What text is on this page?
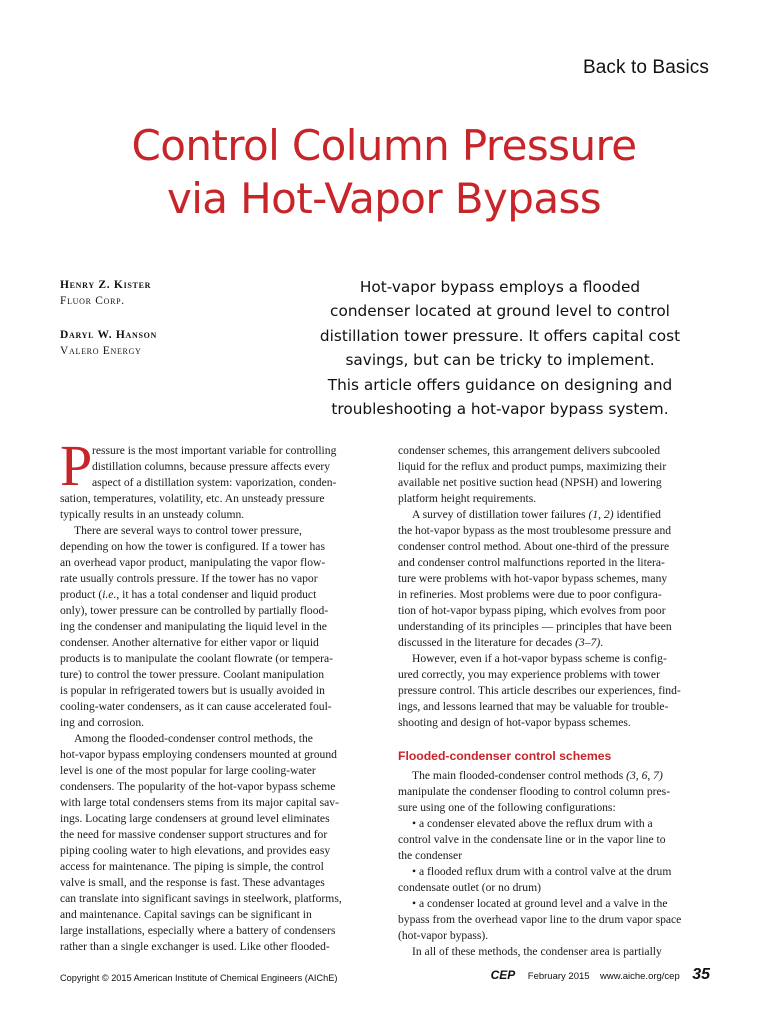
Back to Basics
Control Column Pressure
via Hot-Vapor Bypass
Henry Z. Kister
Fluor Corp.
Daryl W. Hanson
Valero Energy
Hot-vapor bypass employs a flooded
condenser located at ground level to control
distillation tower pressure. It offers capital cost
savings, but can be tricky to implement.
This article offers guidance on designing and
troubleshooting a hot-vapor bypass system.
P ressure is the most important variable for controlling
distillation columns, because pressure affects every
aspect of a distillation system: vaporization, conden-
sation, temperatures, volatility, etc. An unsteady pressure
typically results in an unsteady column.
There are several ways to control tower pressure,
depending on how the tower is configured. If a tower has
an overhead vapor product, manipulating the vapor flow-
rate usually controls pressure. If the tower has no vapor
product (i.e., it has a total condenser and liquid product
only), tower pressure can be controlled by partially flood-
ing the condenser and manipulating the liquid level in the
condenser. Another alternative for either vapor or liquid
products is to manipulate the coolant flowrate (or tempera-
ture) to control the tower pressure. Coolant manipulation
is popular in refrigerated towers but is usually avoided in
cooling-water condensers, as it can cause accelerated foul-
ing and corrosion.
Among the flooded-condenser control methods, the
hot-vapor bypass employing condensers mounted at ground
level is one of the most popular for large cooling-water
condensers. The popularity of the hot-vapor bypass scheme
with large total condensers stems from its major capital sav-
ings. Locating large condensers at ground level eliminates
the need for massive condenser support structures and for
piping cooling water to high elevations, and provides easy
access for maintenance. The piping is simple, the control
valve is small, and the response is fast. These advantages
can translate into significant savings in steelwork, platforms,
and maintenance. Capital savings can be significant in
large installations, especially where a battery of condensers
rather than a single exchanger is used. Like other flooded-
condenser schemes, this arrangement delivers subcooled
liquid for the reflux and product pumps, maximizing their
available net positive suction head (NPSH) and lowering
platform height requirements.
A survey of distillation tower failures (1, 2) identified
the hot-vapor bypass as the most troublesome pressure and
condenser control method. About one-third of the pressure
and condenser control malfunctions reported in the litera-
ture were problems with hot-vapor bypass schemes, many
in refineries. Most problems were due to poor configura-
tion of hot-vapor bypass piping, which evolves from poor
understanding of its principles — principles that have been
discussed in the literature for decades (3–7).
However, even if a hot-vapor bypass scheme is config-
ured correctly, you may experience problems with tower
pressure control. This article describes our experiences, find-
ings, and lessons learned that may be valuable for trouble-
shooting and design of hot-vapor bypass schemes.
Flooded-condenser control schemes
The main flooded-condenser control methods (3, 6, 7)
manipulate the condenser flooding to control column pres-
sure using one of the following configurations:
• a condenser elevated above the reflux drum with a
control valve in the condensate line or in the vapor line to
the condenser
• a flooded reflux drum with a control valve at the drum
condensate outlet (or no drum)
• a condenser located at ground level and a valve in the
bypass from the overhead vapor line to the drum vapor space
(hot-vapor bypass).
In all of these methods, the condenser area is partially
Copyright © 2015 American Institute of Chemical Engineers (AIChE)	CEP February 2015 www.aiche.org/cep 35
